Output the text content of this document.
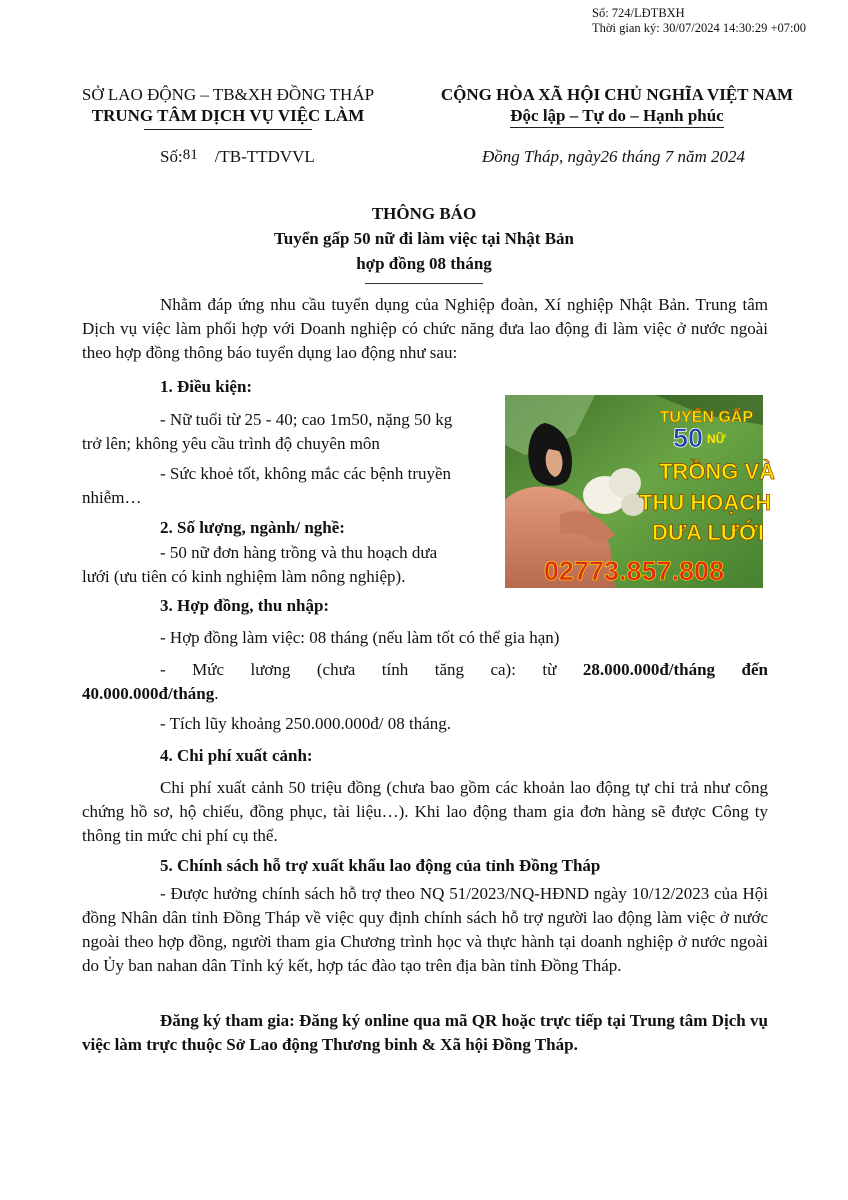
Số: 724/LĐTBXH
Thời gian ký: 30/07/2024 14:30:29 +07:00
SỞ LAO ĐỘNG – TB&XH ĐỒNG THÁP
TRUNG TÂM DỊCH VỤ VIỆC LÀM
CỘNG HÒA XÃ HỘI CHỦ NGHĨA VIỆT NAM
Độc lập – Tự do – Hạnh phúc
Số:81 /TB-TTDVVL	Đồng Tháp, ngày26 tháng 7 năm 2024
THÔNG BÁO
Tuyển gấp 50 nữ đi làm việc tại Nhật Bản
hợp đồng 08 tháng
Nhằm đáp ứng nhu cầu tuyển dụng của Nghiệp đoàn, Xí nghiệp Nhật Bản. Trung tâm Dịch vụ việc làm phối hợp với Doanh nghiệp có chức năng đưa lao động đi làm việc ở nước ngoài theo hợp đồng thông báo tuyển dụng lao động như sau:
1. Điều kiện:
- Nữ tuổi từ 25 - 40; cao 1m50, nặng 50 kg
trở lên; không yêu cầu trình độ chuyên môn
- Sức khoẻ tốt, không mắc các bệnh truyền
nhiễm…
2. Số lượng, ngành/ nghề:
- 50 nữ đơn hàng trồng và thu hoạch dưa
lưới (ưu tiên có kinh nghiệm làm nông nghiệp).
TUYỂN GẤP
50 NỮ
TRỒNG VÀ
THU HOẠCH
DƯA LƯỚI
02773.857.808
3. Hợp đồng, thu nhập:
- Hợp đồng làm việc: 08 tháng (nếu làm tốt có thể gia hạn)
- Mức lương (chưa tính tăng ca): từ 28.000.000đ/tháng đến
40.000.000đ/tháng.
- Tích lũy khoảng 250.000.000đ/ 08 tháng.
4. Chi phí xuất cảnh:
Chi phí xuất cảnh 50 triệu đồng (chưa bao gồm các khoản lao động tự chi trả như công chứng hồ sơ, hộ chiếu, đồng phục, tài liệu…). Khi lao động tham gia đơn hàng sẽ được Công ty thông tin mức chi phí cụ thể.
5. Chính sách hỗ trợ xuất khẩu lao động của tỉnh Đồng Tháp
- Được hưởng chính sách hỗ trợ theo NQ 51/2023/NQ-HĐND ngày 10/12/2023 của Hội đồng Nhân dân tỉnh Đồng Tháp về việc quy định chính sách hỗ trợ người lao động làm việc ở nước ngoài theo hợp đồng, người tham gia Chương trình học và thực hành tại doanh nghiệp ở nước ngoài do Ủy ban nahan dân Tỉnh ký kết, hợp tác đào tạo trên địa bàn tỉnh Đồng Tháp.
Đăng ký tham gia: Đăng ký online qua mã QR hoặc trực tiếp tại Trung tâm Dịch vụ việc làm trực thuộc Sở Lao động Thương binh & Xã hội Đồng Tháp.
